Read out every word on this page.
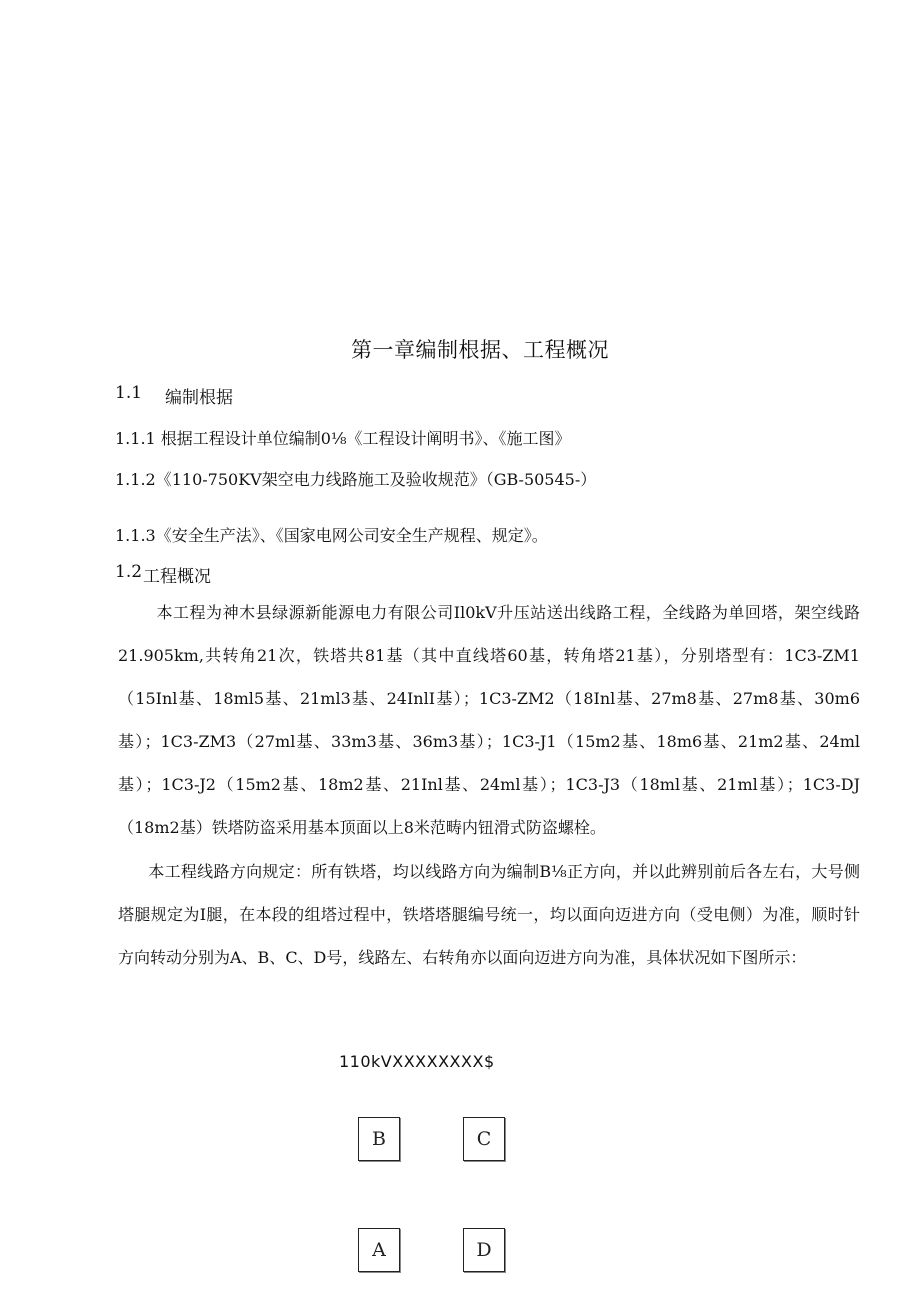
第一章编制根据、工程概况
1.1 编制根据
1.1.1 根据工程设计单位编制0⅛《工程设计阐明书》、《施工图》
1.1.2《110-750KV架空电力线路施工及验收规范》（GB-50545-）
1.1.3《安全生产法》、《国家电网公司安全生产规程、规定》。
1.2 工程概况

本工程为神木县绿源新能源电力有限公司Il0kV升压站送出线路工程，全线路为单回塔，架空线路21.905km,共转角21次，铁塔共81基（其中直线塔60基，转角塔21基），分别塔型有：1C3-ZM1（15Inl基、18ml5基、21ml3基、24InlI基）；1C3-ZM2（18Inl基、27m8基、27m8基、30m6基）；1C3-ZM3（27ml基、33m3基、36m3基）；1C3-J1（15m2基、18m6基、21m2基、24ml基）；1C3-J2（15m2基、18m2基、21Inl基、24ml基）；1C3-J3（18ml基、21ml基）；1C3-DJ（18m2基）铁塔防盗采用基本顶面以上8米范畴内钮滑式防盗螺栓。

本工程线路方向规定：所有铁塔，均以线路方向为编制B⅛正方向，并以此辨别前后各左右，大号侧塔腿规定为I腿，在本段的组塔过程中，铁塔塔腿编号统一，均以面向迈进方向（受电侧）为准，顺时针方向转动分别为A、B、C、D号，线路左、右转角亦以面向迈进方向为准，具体状况如下图所示：

110kVXXXXXXXX$
B	C
A	D
